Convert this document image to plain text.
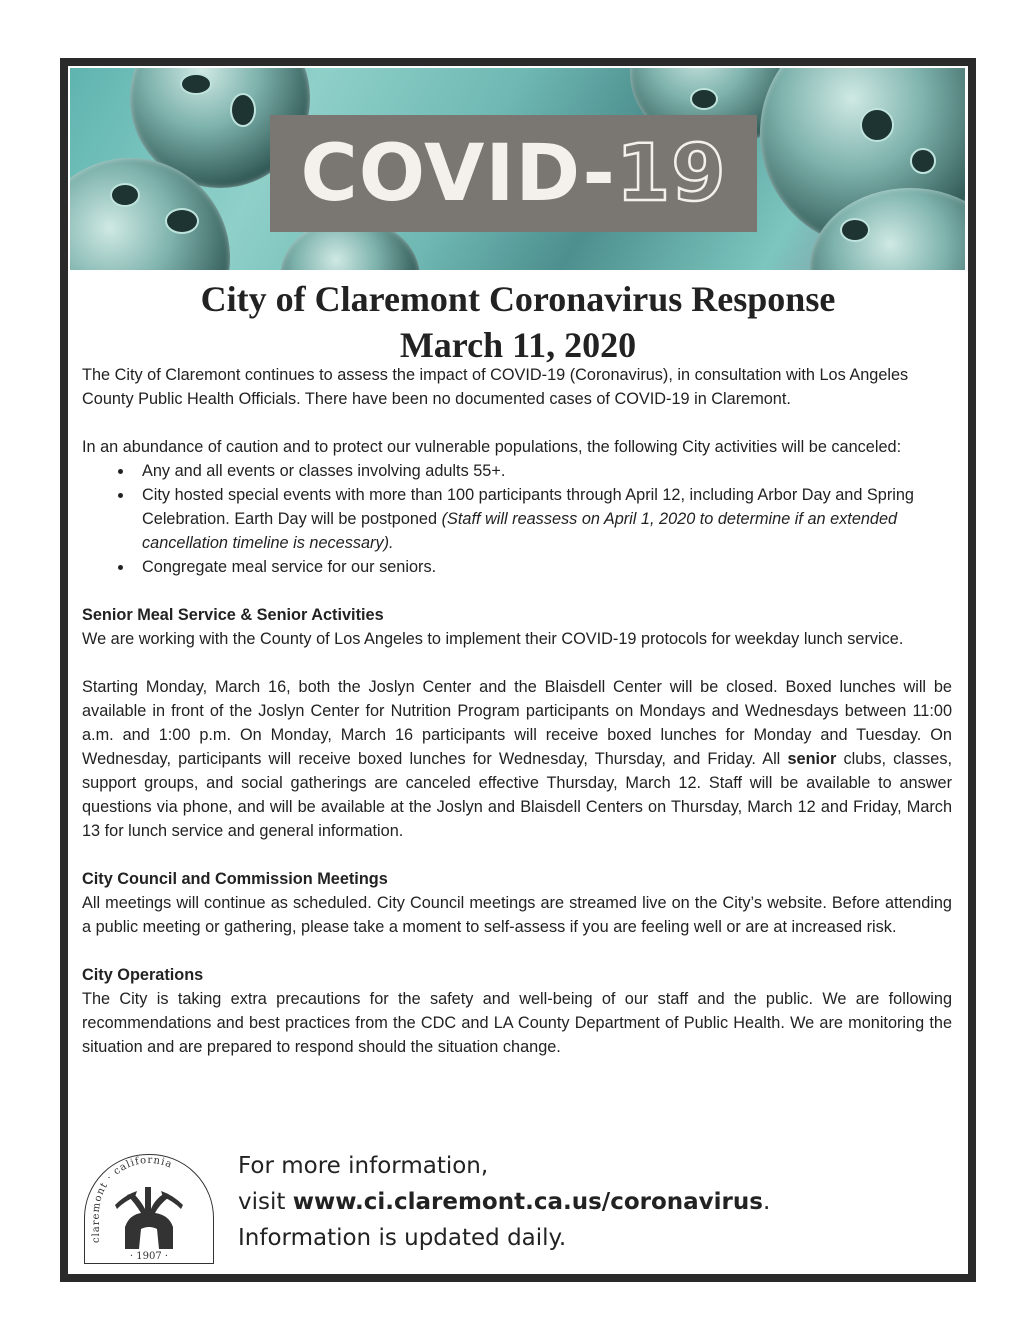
COVID-19
City of Claremont Coronavirus Response
March 11, 2020

The City of Claremont continues to assess the impact of COVID-19 (Coronavirus), in consultation with Los Angeles County Public Health Officials. There have been no documented cases of COVID-19 in Claremont.

In an abundance of caution and to protect our vulnerable populations, the following City activities will be canceled:

• Any and all events or classes involving adults 55+.
• City hosted special events with more than 100 participants through April 12, including Arbor Day and Spring Celebration. Earth Day will be postponed (Staff will reassess on April 1, 2020 to determine if an extended cancellation timeline is necessary).
• Congregate meal service for our seniors.

Senior Meal Service & Senior Activities

We are working with the County of Los Angeles to implement their COVID-19 protocols for weekday lunch service.

Starting Monday, March 16, both the Joslyn Center and the Blaisdell Center will be closed. Boxed lunches will be available in front of the Joslyn Center for Nutrition Program participants on Mondays and Wednesdays between 11:00 a.m. and 1:00 p.m. On Monday, March 16 participants will receive boxed lunches for Monday and Tuesday. On Wednesday, participants will receive boxed lunches for Wednesday, Thursday, and Friday. All senior clubs, classes, support groups, and social gatherings are canceled effective Thursday, March 12. Staff will be available to answer questions via phone, and will be available at the Joslyn and Blaisdell Centers on Thursday, March 12 and Friday, March 13 for lunch service and general information.

City Council and Commission Meetings

All meetings will continue as scheduled. City Council meetings are streamed live on the City’s website. Before attending a public meeting or gathering, please take a moment to self-assess if you are feeling well or are at increased risk.

City Operations

The City is taking extra precautions for the safety and well-being of our staff and the public. We are following recommendations and best practices from the CDC and LA County Department of Public Health. We are monitoring the situation and are prepared to respond should the situation change.

claremont · california
· 1907 ·
For more information,
visit www.ci.claremont.ca.us/coronavirus.
Information is updated daily.
